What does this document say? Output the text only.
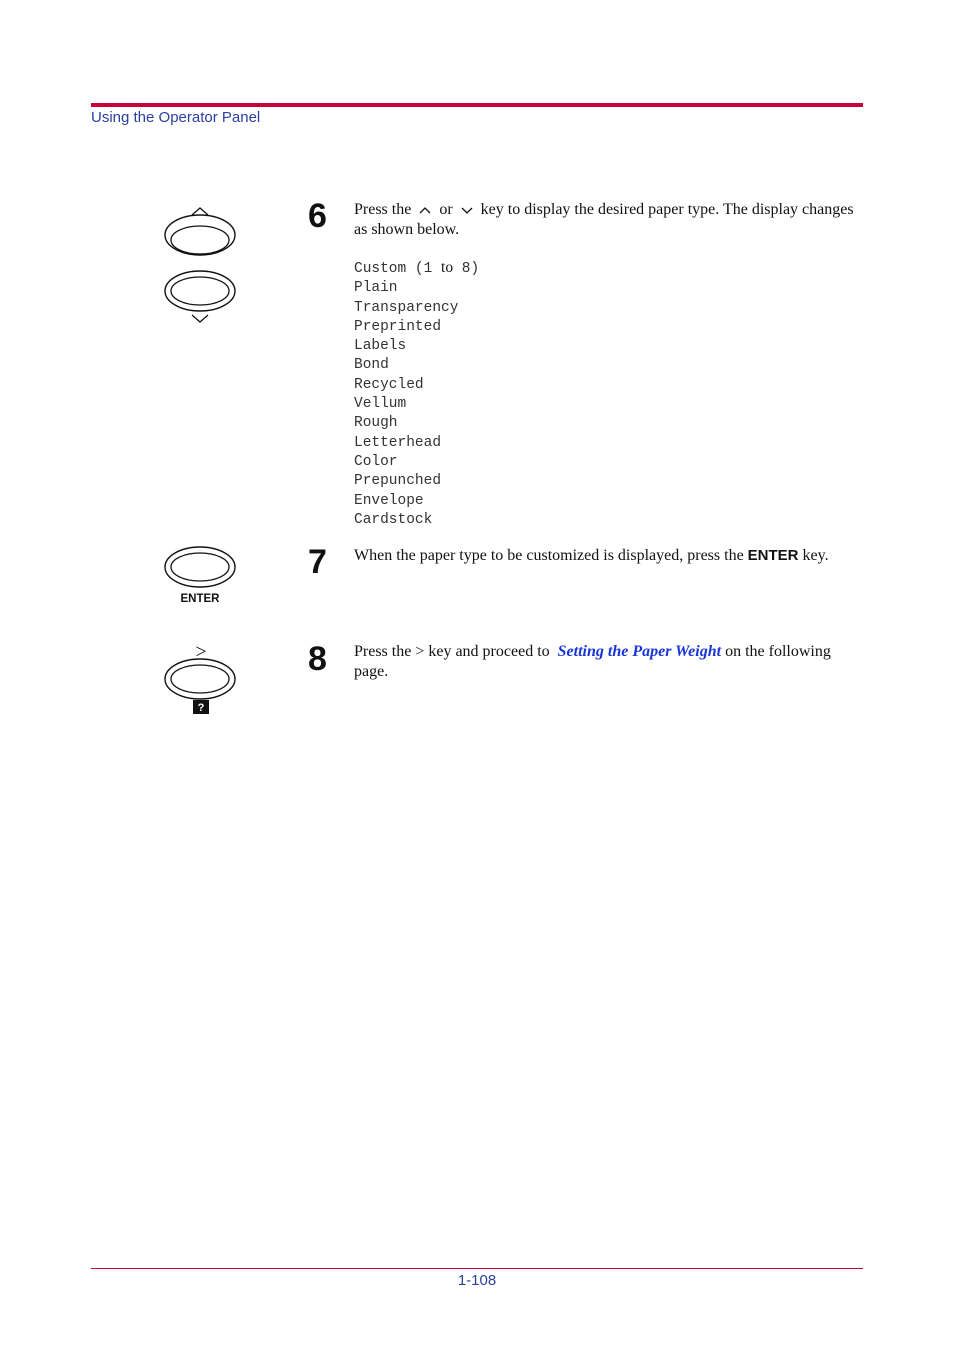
Using the Operator Panel
6 Press the or key to display the desired paper type. The display changes as shown below.
Custom (1 to 8)
Plain
Transparency
Preprinted
Labels
Bond
Recycled
Vellum
Rough
Letterhead
Color
Prepunched
Envelope
Cardstock
ENTER
7 When the paper type to be customized is displayed, press the ENTER key.
>
?
8 Press the > key and proceed to Setting the Paper Weight on the following page.
1-108
